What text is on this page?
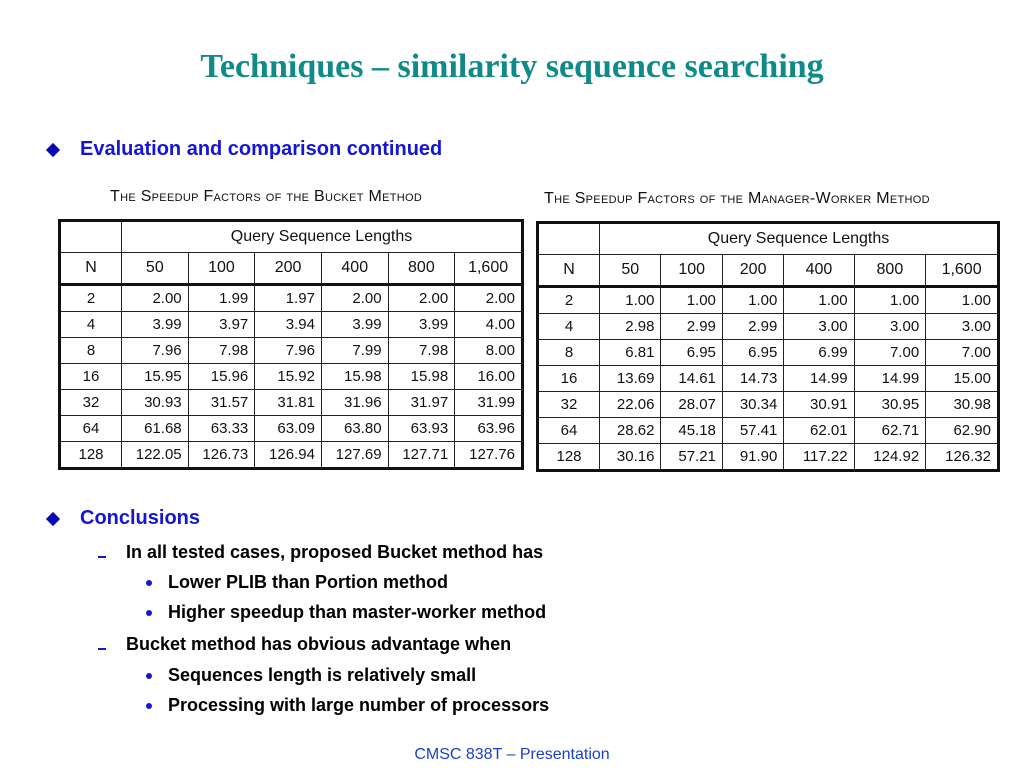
Techniques – similarity sequence searching
Evaluation and comparison continued
The Speedup Factors of the Bucket Method
	Query Sequence Lengths					
N	50	100	200	400	800	1,600
2	2.00	1.99	1.97	2.00	2.00	2.00
4	3.99	3.97	3.94	3.99	3.99	4.00
8	7.96	7.98	7.96	7.99	7.98	8.00
16	15.95	15.96	15.92	15.98	15.98	16.00
32	30.93	31.57	31.81	31.96	31.97	31.99
64	61.68	63.33	63.09	63.80	63.93	63.96
128	122.05	126.73	126.94	127.69	127.71	127.76
The Speedup Factors of the Manager-Worker Method
	Query Sequence Lengths					
N	50	100	200	400	800	1,600
2	1.00	1.00	1.00	1.00	1.00	1.00
4	2.98	2.99	2.99	3.00	3.00	3.00
8	6.81	6.95	6.95	6.99	7.00	7.00
16	13.69	14.61	14.73	14.99	14.99	15.00
32	22.06	28.07	30.34	30.91	30.95	30.98
64	28.62	45.18	57.41	62.01	62.71	62.90
128	30.16	57.21	91.90	117.22	124.92	126.32
Conclusions
In all tested cases, proposed Bucket method has
Lower PLIB than Portion method
Higher speedup than master-worker method
Bucket method has obvious advantage when
Sequences length is relatively small
Processing with large number of processors
CMSC 838T – Presentation
